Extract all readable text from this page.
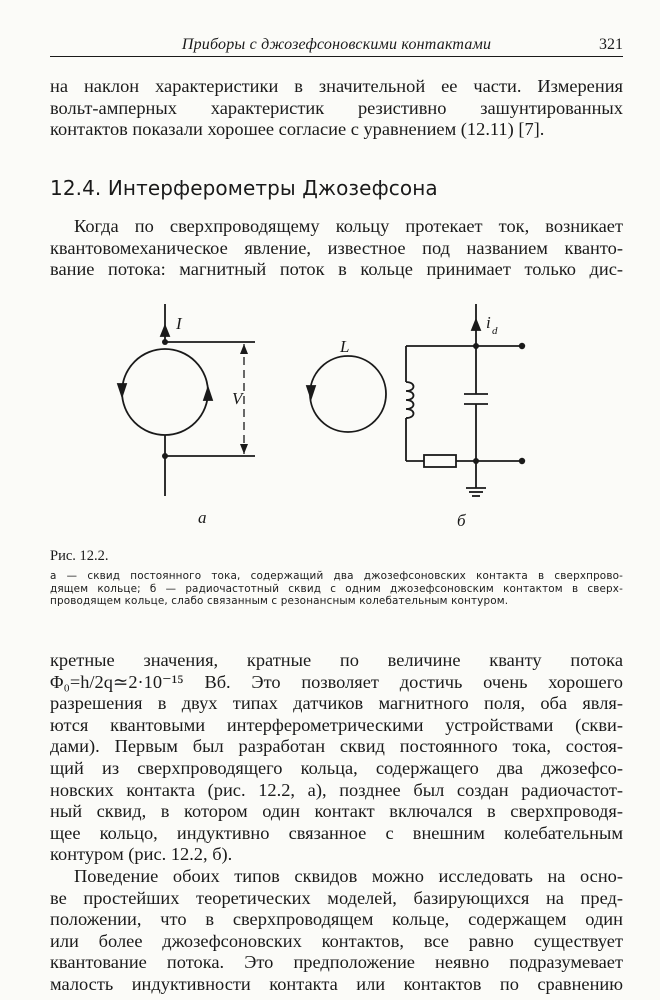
Приборы с джозефсоновскими контактами	321

на наклон характеристики в значительной ее части. Измерения
вольт-амперных характеристик резистивно зашунтированных
контактов показали хорошее согласие с уравнением (12.11) [7].

12.4. Интерферометры Джозефсона

Когда по сверхпроводящему кольцу протекает ток, возникает
квантовомеханическое явление, известное под названием кванто-
вание потока: магнитный поток в кольце принимает только дис-

I
V
L
i d
а	б
Рис. 12.2.
а — сквид постоянного тока, содержащий два джозефсоновских контакта в сверхпрово-
дящем кольце; б — радиочастотный сквид с одним джозефсоновским контактом в сверх-
проводящем кольце, слабо связанным с резонансным колебательным контуром.

кретные значения, кратные по величине кванту потока
Φ₀=h/2q≃2·10⁻¹⁵ Вб. Это позволяет достичь очень хорошего
разрешения в двух типах датчиков магнитного поля, оба явля-
ются квантовыми интерферометрическими устройствами (скви-
дами). Первым был разработан сквид постоянного тока, состоя-
щий из сверхпроводящего кольца, содержащего два джозефсо-
новских контакта (рис. 12.2, а), позднее был создан радиочастот-
ный сквид, в котором один контакт включался в сверхпроводя-
щее кольцо, индуктивно связанное с внешним колебательным
контуром (рис. 12.2, б).

Поведение обоих типов сквидов можно исследовать на осно-
ве простейших теоретических моделей, базирующихся на пред-
положении, что в сверхпроводящем кольце, содержащем один
или более джозефсоновских контактов, все равно существует
квантование потока. Это предположение неявно подразумевает
малость индуктивности контакта или контактов по сравнению
